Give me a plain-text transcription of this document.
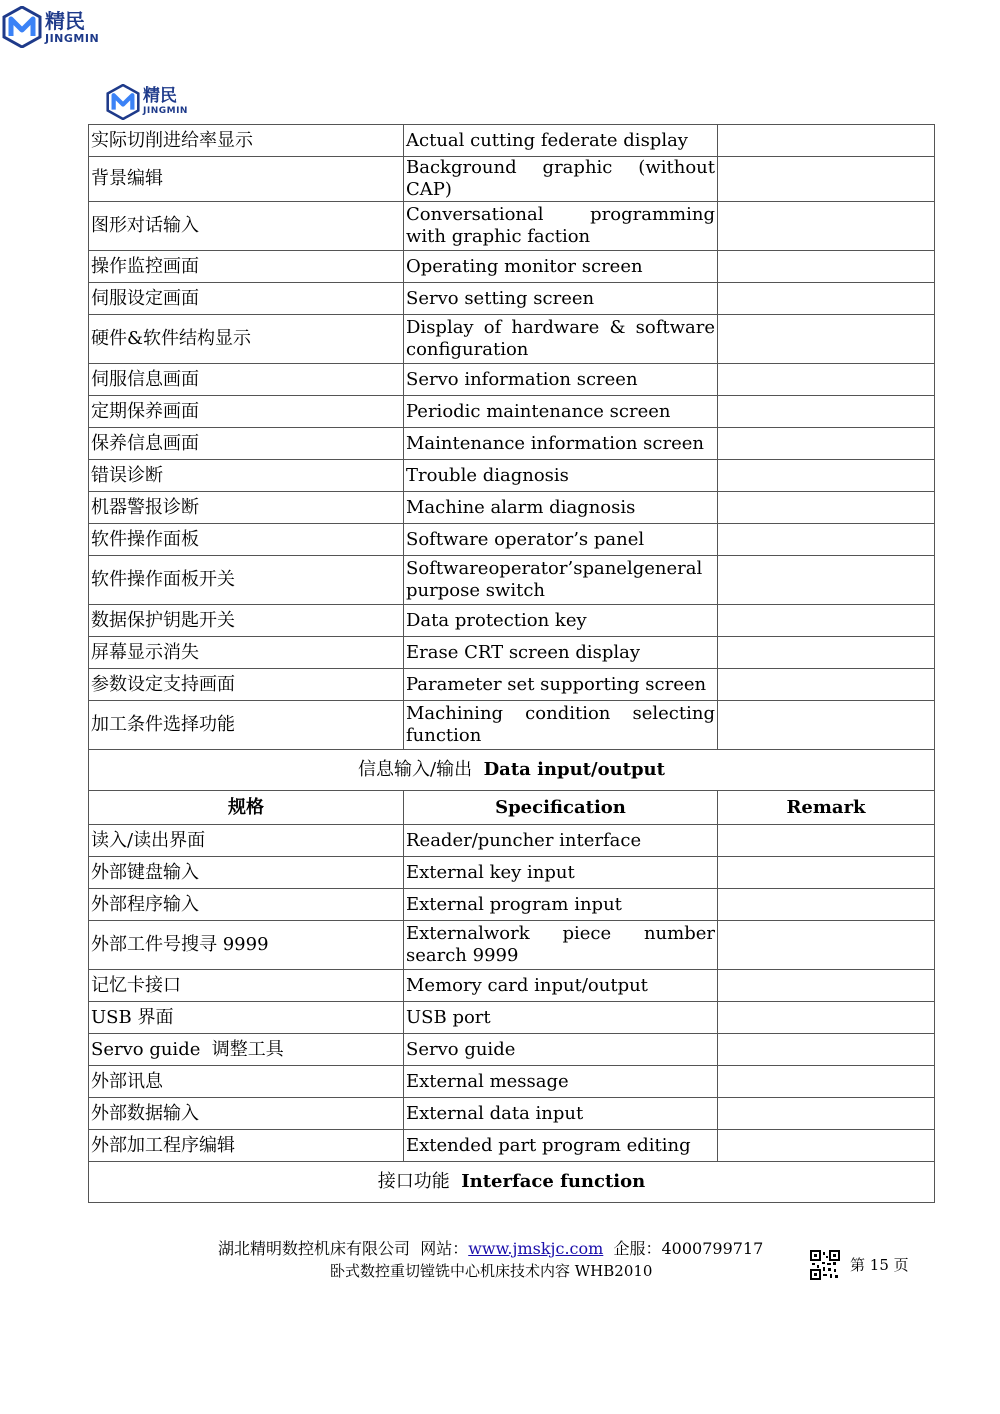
精民
JINGMIN
精民
JINGMIN
实际切削进给率显示	Actual cutting federate display	
背景编辑	Background graphic (without CAP)	
图形对话输入	Conversational programming with graphic faction	
操作监控画面	Operating monitor screen	
伺服设定画面	Servo setting screen	
硬件&软件结构显示	Display of hardware & software configuration	
伺服信息画面	Servo information screen	
定期保养画面	Periodic maintenance screen	
保养信息画面	Maintenance information screen	
错误诊断	Trouble diagnosis	
机器警报诊断	Machine alarm diagnosis	
软件操作面板	Software operator’s panel	
软件操作面板开关	Softwareoperator’spanelgeneral purpose switch	
数据保护钥匙开关	Data protection key	
屏幕显示消失	Erase CRT screen display	
参数设定支持画面	Parameter set supporting screen	
加工条件选择功能	Machining condition selecting function	
信息输入/输出 Data input/output		
规格	Specification	Remark
读入/读出界面	Reader/puncher interface	
外部键盘输入	External key input	
外部程序输入	External program input	
外部工件号搜寻 9999	Externalwork piece number search 9999	
记忆卡接口	Memory card input/output	
USB 界面	USB port	
Servo guide  调整工具	Servo guide	
外部讯息	External message	
外部数据输入	External data input	
外部加工程序编辑	Extended part program editing	
接口功能 Interface function		
湖北精明数控机床有限公司 网站：www.jmskjc.com 企服：4000799717
卧式数控重切镗铣中心机床技术内容 WHB2010	第 15 页
